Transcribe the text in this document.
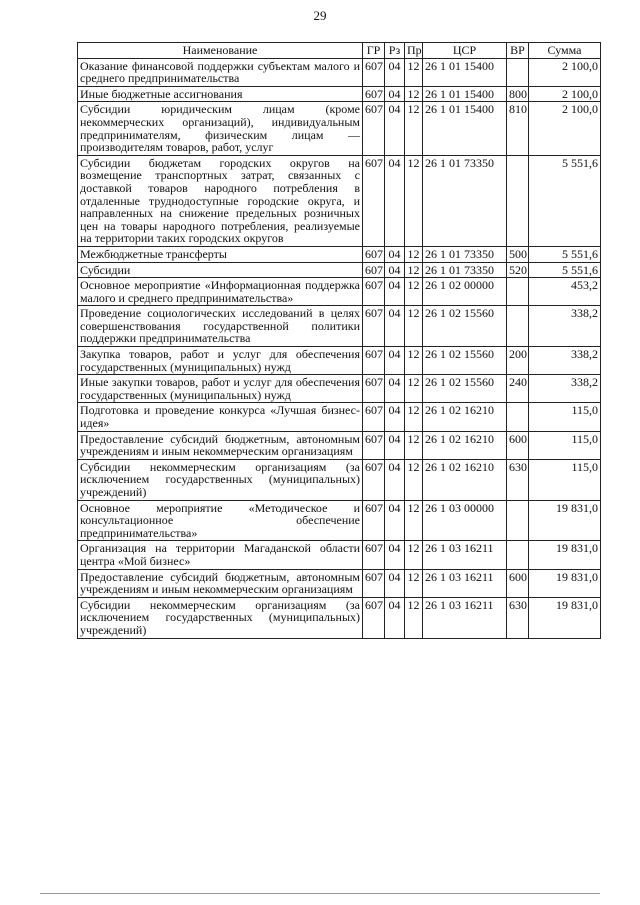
29
Наименование	ГР	Рз	Пр	ЦСР	ВР	Сумма
Оказание финансовой поддержки субъектам малого и среднего предпринимательства	607	04	12	26 1 01 15400		2 100,0
Иные бюджетные ассигнования	607	04	12	26 1 01 15400	800	2 100,0
Субсидии юридическим лицам (кроме некоммерческих организаций), индивидуальным предпринимателям, физическим лицам — производителям товаров, работ, услуг	607	04	12	26 1 01 15400	810	2 100,0
Субсидии бюджетам городских округов на возмещение транспортных затрат, связанных с доставкой товаров народного потребления в отдаленные труднодоступные городские округа, и направленных на снижение предельных розничных цен на товары народного потребления, реализуемые на территории таких городских округов	607	04	12	26 1 01 73350		5 551,6
Межбюджетные трансферты	607	04	12	26 1 01 73350	500	5 551,6
Субсидии	607	04	12	26 1 01 73350	520	5 551,6
Основное мероприятие «Информационная поддержка малого и среднего предпринимательства»	607	04	12	26 1 02 00000		453,2
Проведение социологических исследований в целях совершенствования государственной политики поддержки предпринимательства	607	04	12	26 1 02 15560		338,2
Закупка товаров, работ и услуг для обеспечения государственных (муниципальных) нужд	607	04	12	26 1 02 15560	200	338,2
Иные закупки товаров, работ и услуг для обеспечения государственных (муниципальных) нужд	607	04	12	26 1 02 15560	240	338,2
Подготовка и проведение конкурса «Лучшая бизнес-идея»	607	04	12	26 1 02 16210		115,0
Предоставление субсидий бюджетным, автономным учреждениям и иным некоммерческим организациям	607	04	12	26 1 02 16210	600	115,0
Субсидии некоммерческим организациям (за исключением государственных (муниципальных) учреждений)	607	04	12	26 1 02 16210	630	115,0
Основное мероприятие «Методическое и консультационное обеспечение предпринимательства»	607	04	12	26 1 03 00000		19 831,0
Организация на территории Магаданской области центра «Мой бизнес»	607	04	12	26 1 03 16211		19 831,0
Предоставление субсидий бюджетным, автономным учреждениям и иным некоммерческим организациям	607	04	12	26 1 03 16211	600	19 831,0
Субсидии некоммерческим организациям (за исключением государственных (муниципальных) учреждений)	607	04	12	26 1 03 16211	630	19 831,0
